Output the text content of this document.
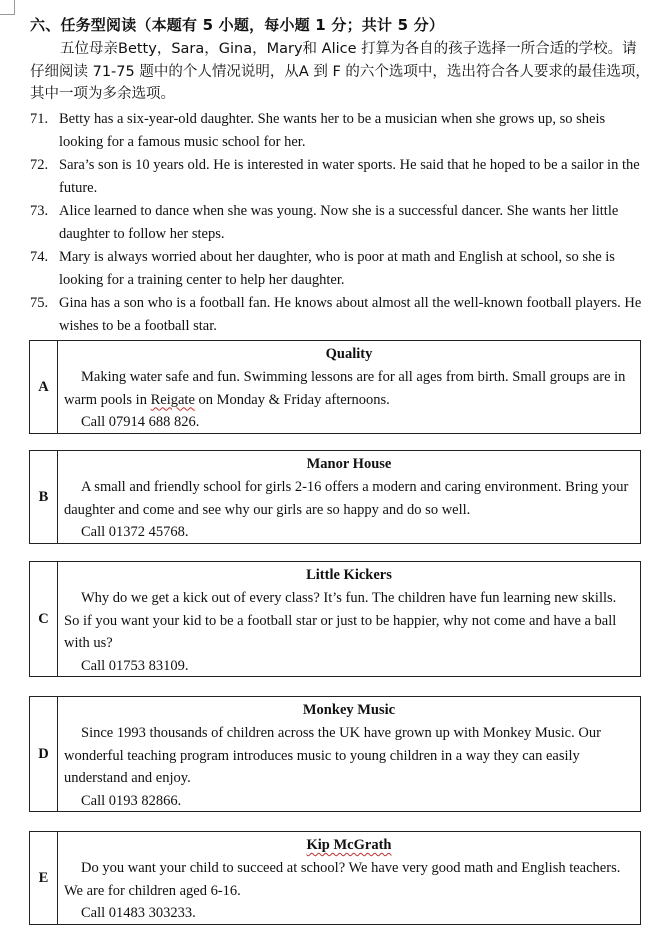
六、任务型阅读（本题有 5 小题，每小题 1 分；共计 5 分）
五位母亲Betty，Sara，Gina，Mary和 Alice 打算为各自的孩子选择一所合适的学校。请仔细阅读 71-75 题中的个人情况说明，从A 到 F 的六个选项中，选出符合各人要求的最佳选项，其中一项为多余选项。
71. Betty has a six-year-old daughter. She wants her to be a musician when she grows up, so sheis looking for a famous music school for her.
72. Sara’s son is 10 years old. He is interested in water sports. He said that he hoped to be a sailor in the future.
73. Alice learned to dance when she was young. Now she is a successful dancer. She wants her little daughter to follow her steps.
74. Mary is always worried about her daughter, who is poor at math and English at school, so she is looking for a training center to help her daughter.
75. Gina has a son who is a football fan. He knows about almost all the well-known football players. He wishes to be a football star.
A
Quality
Making water safe and fun. Swimming lessons are for all ages from birth. Small groups are in warm pools in Reigate on Monday & Friday afternoons.
Call 07914 688 826.
B
Manor House
A small and friendly school for girls 2-16 offers a modern and caring environment. Bring your daughter and come and see why our girls are so happy and do so well.
Call 01372 45768.
C
Little Kickers
Why do we get a kick out of every class? It’s fun. The children have fun learning new skills. So if you want your kid to be a football star or just to be happier, why not come and have a ball with us?
Call 01753 83109.
D
Monkey Music
Since 1993 thousands of children across the UK have grown up with Monkey Music. Our wonderful teaching program introduces music to young children in a way they can easily understand and enjoy.
Call 0193 82866.
E
Kip McGrath
Do you want your child to succeed at school? We have very good math and English teachers. We are for children aged 6-16.
Call 01483 303233.
